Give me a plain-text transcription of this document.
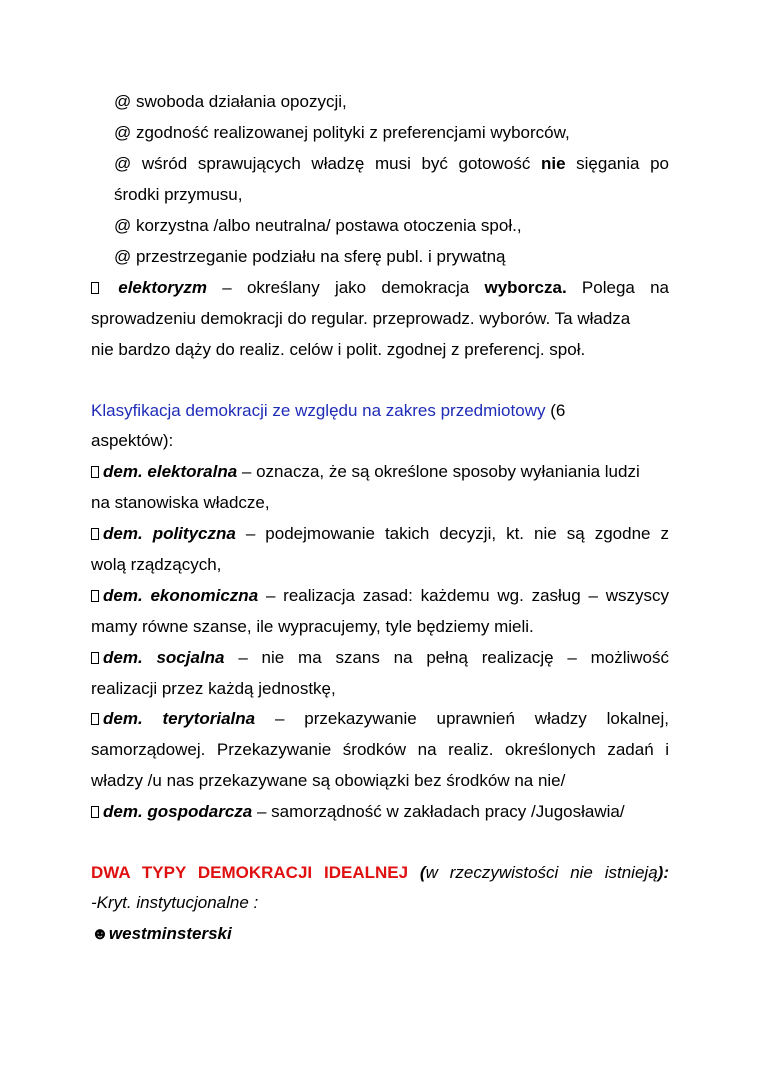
@ swoboda działania opozycji,
@ zgodność realizowanej polityki z preferencjami wyborców,
@ wśród sprawujących władzę musi być gotowość nie sięgania po
środki przymusu,
@ korzystna /albo neutralna/ postawa otoczenia społ.,
@ przestrzeganie podziału na sferę publ. i prywatną
elektoryzm – określany jako demokracja wyborcza. Polega na
sprowadzeniu demokracji do regular. przeprowadz. wyborów. Ta władza
nie bardzo dąży do realiz. celów i polit. zgodnej z preferencj. społ.
Klasyfikacja demokracji ze względu na zakres przedmiotowy (6
aspektów):
dem. elektoralna – oznacza, że są określone sposoby wyłaniania ludzi
na stanowiska władcze,
dem. polityczna – podejmowanie takich decyzji, kt. nie są zgodne z
wolą rządzących,
dem. ekonomiczna – realizacja zasad: każdemu wg. zasług – wszyscy
mamy równe szanse, ile wypracujemy, tyle będziemy mieli.
dem. socjalna – nie ma szans na pełną realizację – możliwość
realizacji przez każdą jednostkę,
dem. terytorialna – przekazywanie uprawnień władzy lokalnej,
samorządowej. Przekazywanie środków na realiz. określonych zadań i
władzy /u nas przekazywane są obowiązki bez środków na nie/
dem. gospodarcza – samorządność w zakładach pracy /Jugosławia/
DWA TYPY DEMOKRACJI IDEALNEJ (w rzeczywistości nie istnieją):
-Kryt. instytucjonalne :
☻westminsterski
